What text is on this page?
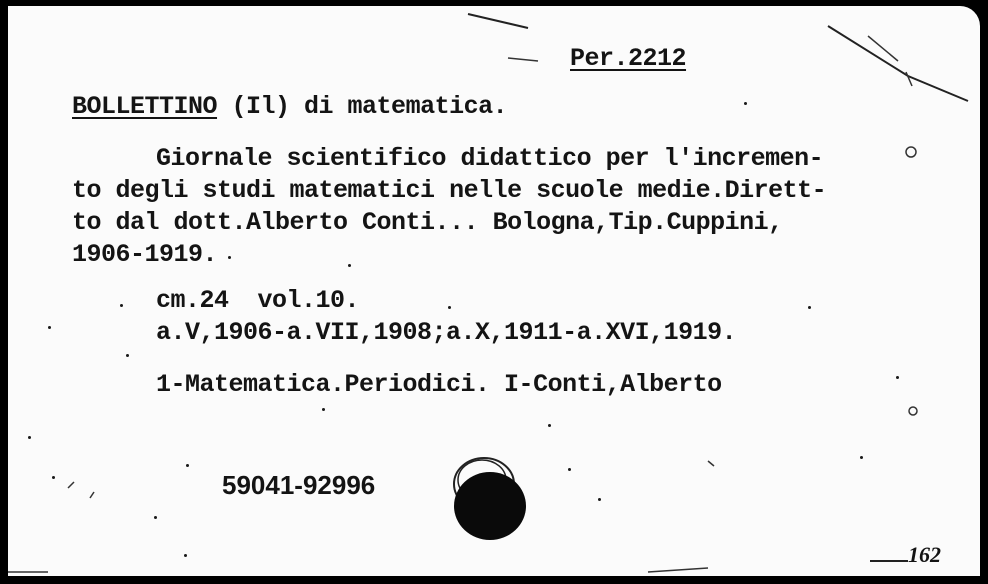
Per.2212
BOLLETTINO (Il) di matematica.
Giornale scientifico didattico per l'incremen-
to degli studi matematici nelle scuole medie.Dirett-
to dal dott.Alberto Conti... Bologna,Tip.Cuppini,
1906-1919.
cm.24  vol.10.
a.V,1906-a.VII,1908;a.X,1911-a.XVI,1919.
1-Matematica.Periodici. I-Conti,Alberto
59041-92996
162
